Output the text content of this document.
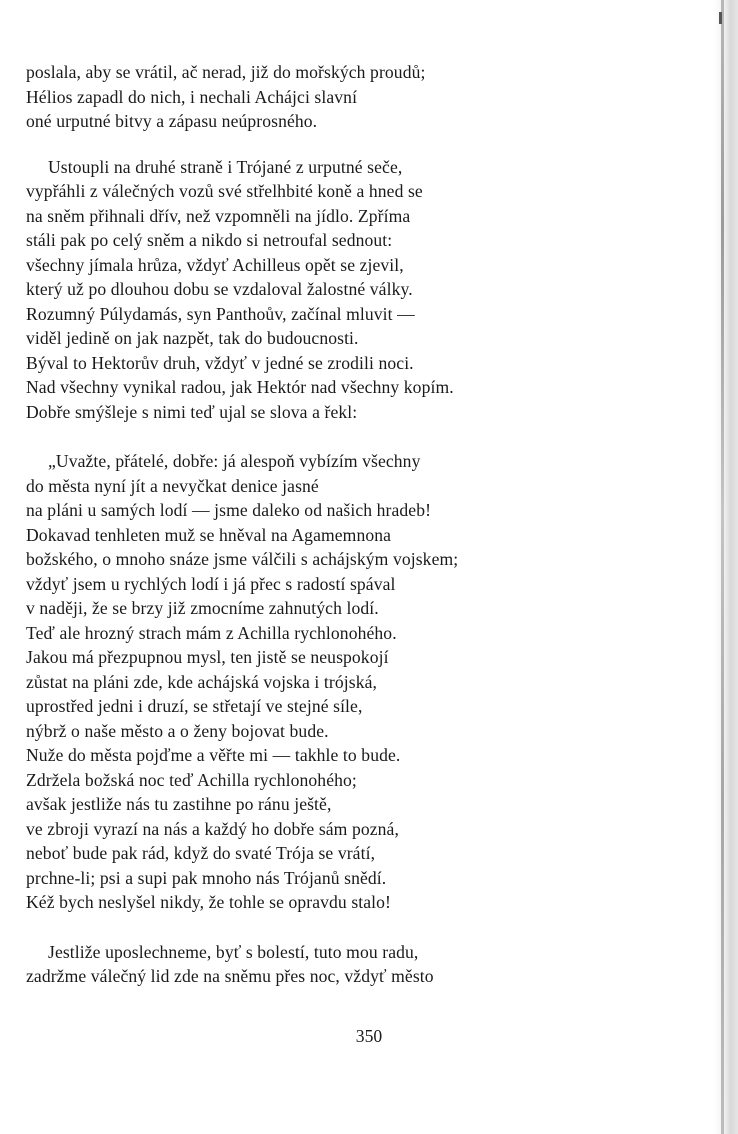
poslala, aby se vrátil, ač nerad, již do mořských proudů;
Hélios zapadl do nich, i nechali Acháјci slavní
oné urputné bitvy a zápasu neúprosného.
Ustoupli na druhé straně i Trójané z urputné seče,
vypřáhli z válečných vozů své střelhbité koně a hned se
na sněm přihnali dřív, než vzpomněli na jídlo. Zpříma
stáli pak po celý sněm a nikdo si netroufal sednout:
všechny jímala hrůza, vždyť Achilleus opět se zjevil,
který už po dlouhou dobu se vzdaloval žalostné války.
Rozumný Púlydamás, syn Panthoův, začínal mluvit —
viděl jedině on jak nazpět, tak do budoucnosti.
Býval to Hektorův druh, vždyť v jedné se zrodili noci.
Nad všechny vynikal radou, jak Hektór nad všechny kopím.
Dobře smýšleje s nimi teď ujal se slova a řekl:
„Uvažte, přátelé, dobře: já alespoň vybízím všechny
do města nyní jít a nevyčkat denice jasné
na pláni u samých lodí — jsme daleko od našich hradeb!
Dokavad tenhleten muž se hněval na Agamemnona
božského, o mnoho snáze jsme válčili s achájským vojskem;
vždyť jsem u rychlých lodí i já přec s radostí spával
v naději, že se brzy již zmocníme zahnutých lodí.
Teď ale hrozný strach mám z Achilla rychlonohého.
Jakou má přezpupnou mysl, ten jistě se neuspokojí
zůstat na pláni zde, kde achájská vojska i trójská,
uprostřed jedni i druzí, se střetají ve stejné síle,
nýbrž o naše město a o ženy bojovat bude.
Nuže do města pojďme a věřte mi — takhle to bude.
Zdržela božská noc teď Achilla rychlonohého;
avšak jestliže nás tu zastihne po ránu ještě,
ve zbroji vyrazí na nás a každý ho dobře sám pozná,
neboť bude pak rád, když do svaté Trója se vrátí,
prchne-li; psi a supi pak mnoho nás Trójanů snědí.
Kéž bych neslyšel nikdy, že tohle se opravdu stalo!
Jestliže uposlechneme, byť s bolestí, tuto mou radu,
zadržme válečný lid zde na sněmu přes noc, vždyť město
350
